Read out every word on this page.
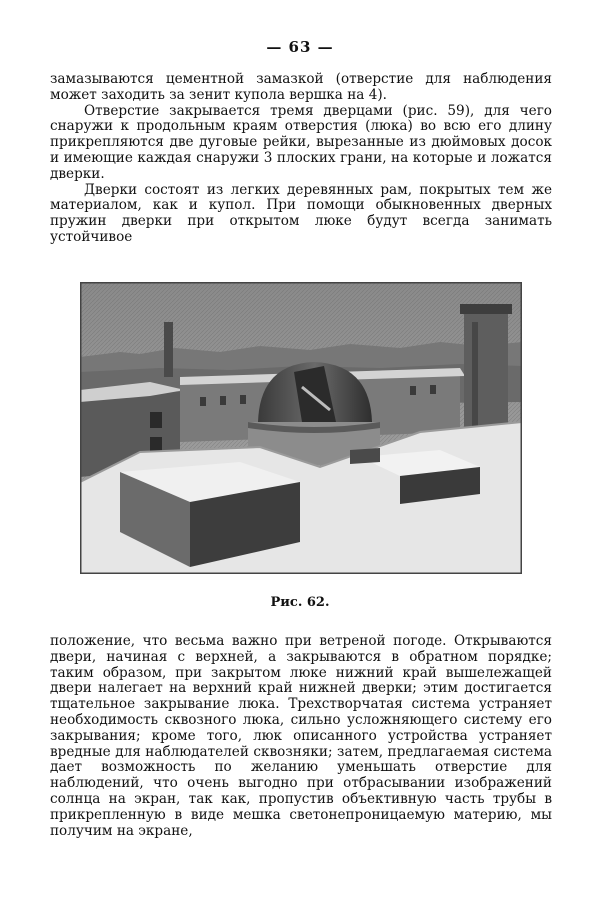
— 63 —

замазываются цементной замазкой (отверстие для наблюдения может заходить за зенит купола вершка на 4).

Отверстие закрывается тремя дверцами (рис. 59), для чего снаружи к продольным краям отверстия (люка) во всю его длину прикрепляются две дуговые рейки, вырезанные из дюймовых досок и имеющие каждая снаружи 3 плоских грани, на которые и ложатся дверки.

Дверки состоят из легких деревянных рам, покрытых тем же материалом, как и купол. При помощи обыкновенных дверных пружин дверки при открытом люке будут всегда занимать устойчивое

Рис. 62.

положение, что весьма важно при ветреной погоде. Открываются двери, начиная с верхней, а закрываются в обратном порядке; таким образом, при закрытом люке нижний край вышележащей двери налегает на верхний край нижней дверки; этим достигается тщательное закрывание люка. Трехстворчатая система устраняет необходимость сквозного люка, сильно усложняющего систему его закрывания; кроме того, люк описанного устройства устраняет вредные для наблюдателей сквозняки; затем, предлагаемая система дает возможность по желанию уменьшать отверстие для наблюдений, что очень выгодно при отбрасывании изображений солнца на экран, так как, пропустив объективную часть трубы в прикрепленную в виде мешка светонепроницаемую материю, мы получим на экране,
